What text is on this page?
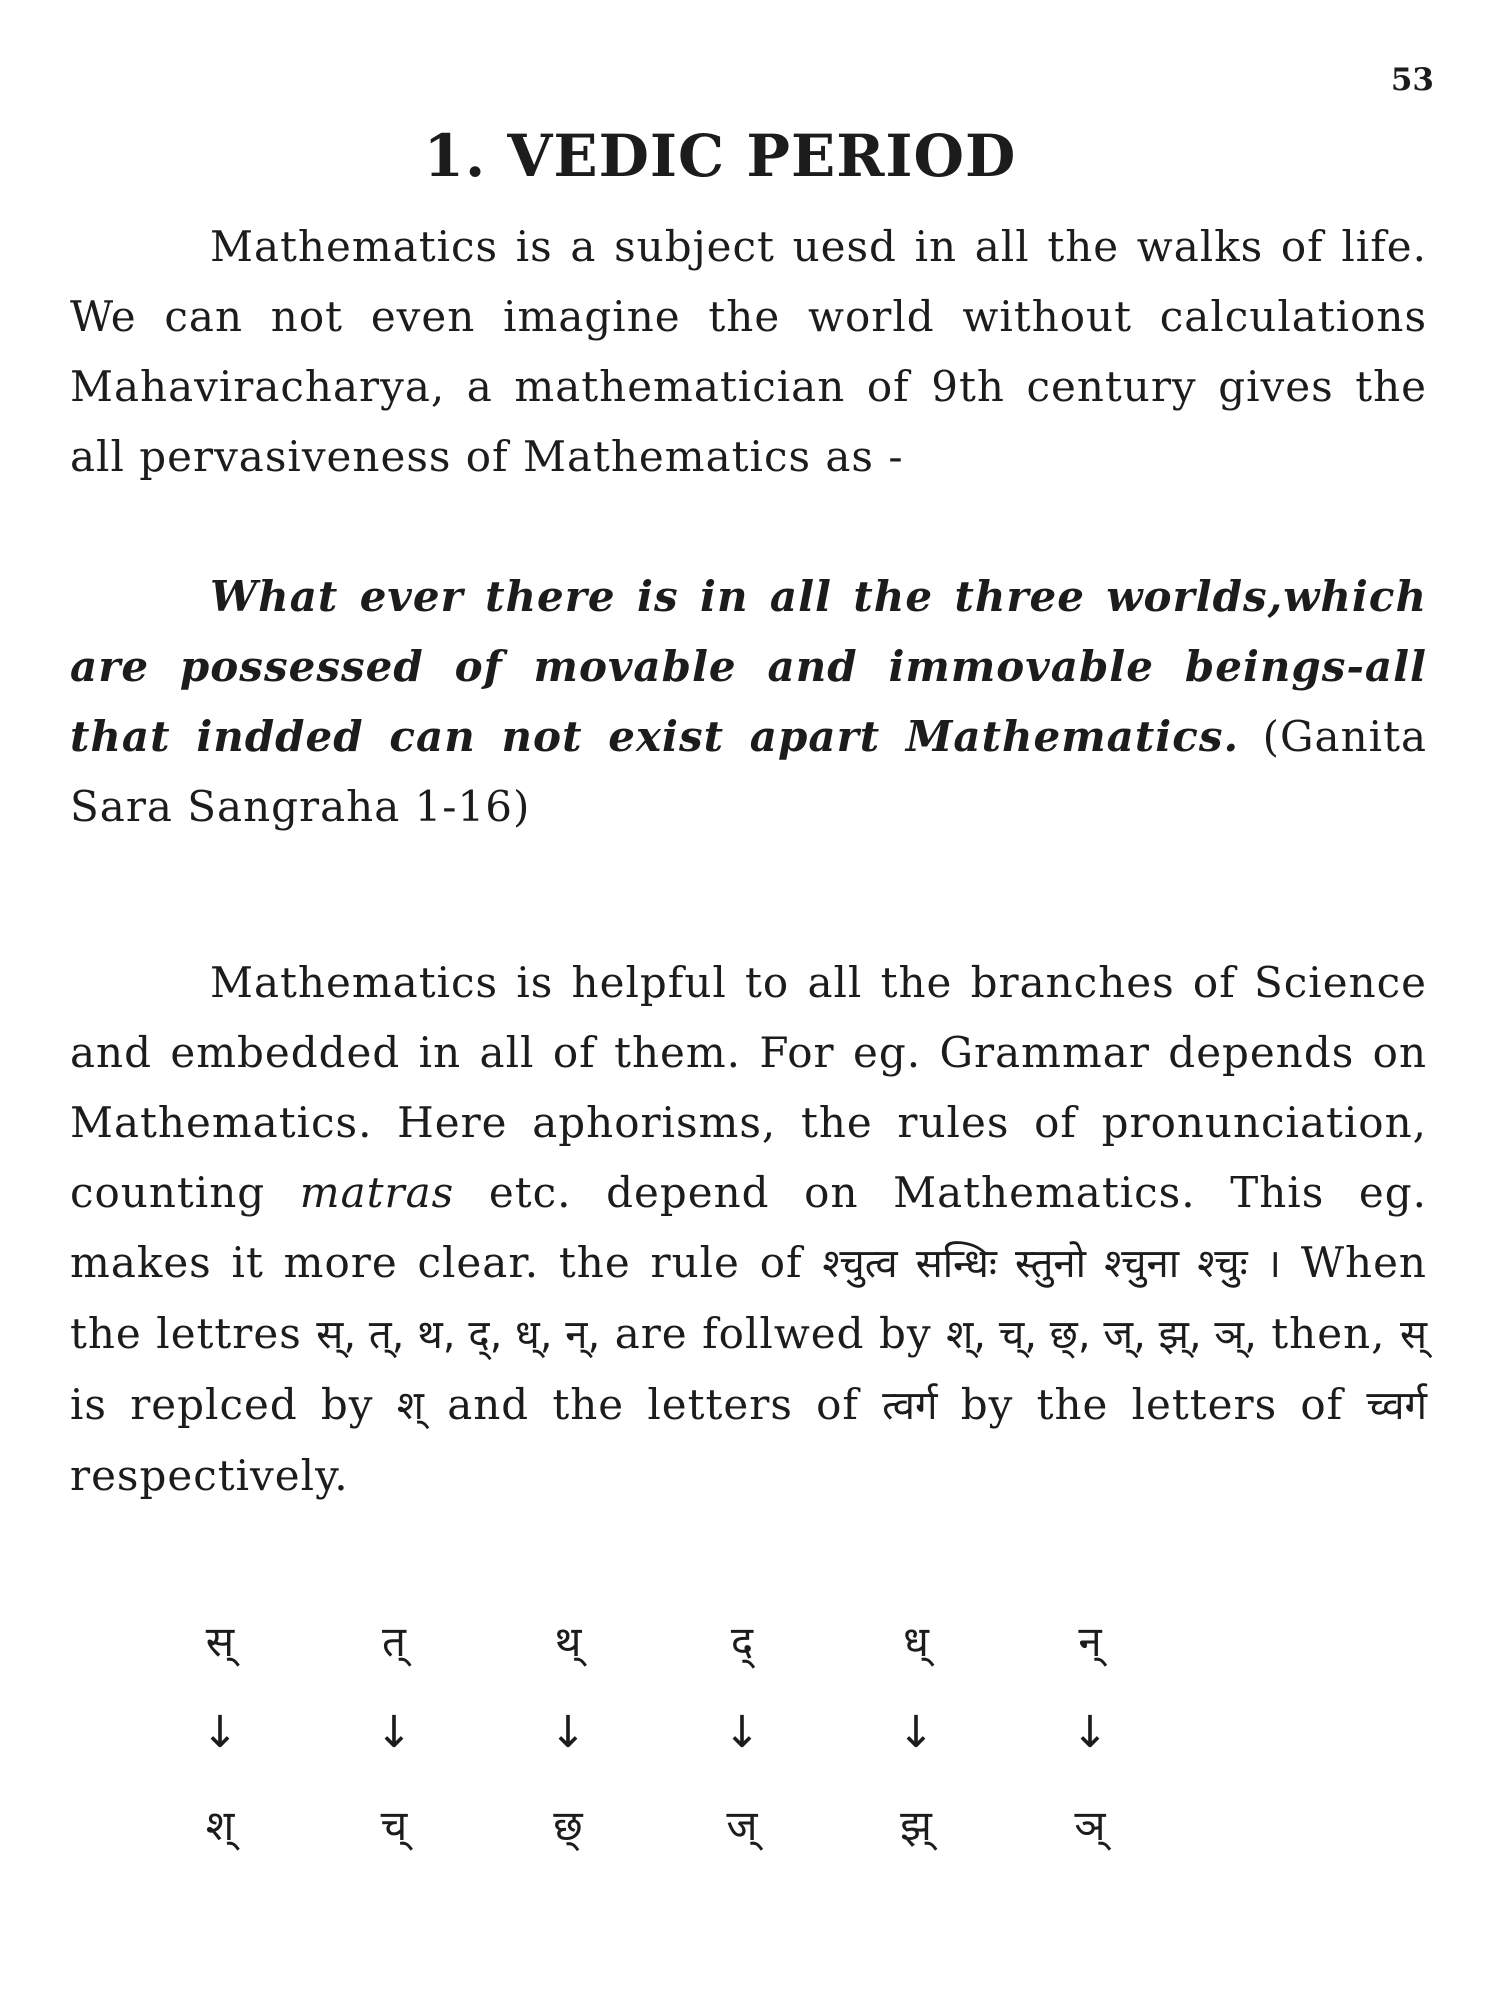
53
1. VEDIC PERIOD

Mathematics is a subject uesd in all the walks of life. We can not even imagine the world without calculations Mahaviracharya, a mathematician of 9th century gives the all pervasiveness of Mathematics as -

What ever there is in all the three worlds,which are possessed of movable and immovable beings-all that indded can not exist apart Mathematics. (Ganita Sara Sangraha 1-16)

Mathematics is helpful to all the branches of Science and embedded in all of them. For eg. Grammar depends on Mathematics. Here aphorisms, the rules of pronunciation, counting matras etc. depend on Mathematics. This eg. makes it more clear. the rule of श्चुत्व सन्धिः स्तुनो श्चुना श्चुः । When the lettres स्, त्, थ, द्, ध्, न्, are follwed by श्, च्, छ्, ज्, झ्, ञ्, then, स् is replced by श् and the letters of त्वर्ग by the letters of च्वर्ग respectively.

स्	त्	थ्	द्	ध्	न्
↓	↓	↓	↓	↓	↓
श्	च्	छ्	ज्	झ्	ञ्
